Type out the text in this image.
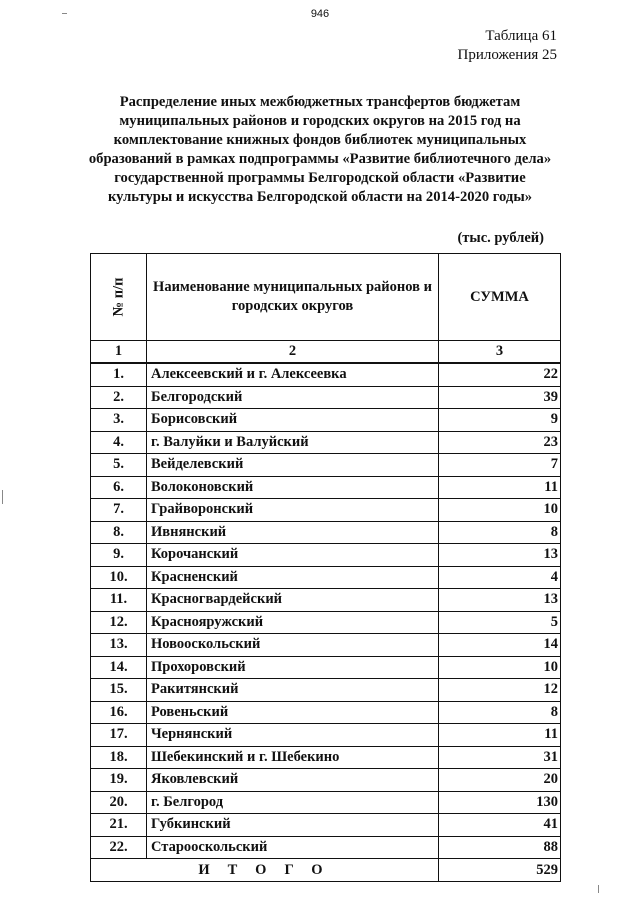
946
Таблица 61
Приложения 25
Распределение иных межбюджетных трансфертов бюджетам
муниципальных районов и городских округов на 2015 год на
комплектование книжных фондов библиотек муниципальных
образований в рамках подпрограммы «Развитие библиотечного дела»
государственной программы Белгородской области «Развитие
культуры и искусства Белгородской области на 2014-2020 годы»
(тыс. рублей)
№ п/п	Наименование муниципальных районов и городских округов	СУММА
1	2	3
1.	Алексеевский и г. Алексеевка	22
2.	Белгородский	39
3.	Борисовский	9
4.	г. Валуйки и Валуйский	23
5.	Вейделевский	7
6.	Волоконовский	11
7.	Грайворонский	10
8.	Ивнянский	8
9.	Корочанский	13
10.	Красненский	4
11.	Красногвардейский	13
12.	Краснояружский	5
13.	Новооскольский	14
14.	Прохоровский	10
15.	Ракитянский	12
16.	Ровеньский	8
17.	Чернянский	11
18.	Шебекинский и г. Шебекино	31
19.	Яковлевский	20
20.	г. Белгород	130
21.	Губкинский	41
22.	Старооскольский	88
ИТОГО		529
